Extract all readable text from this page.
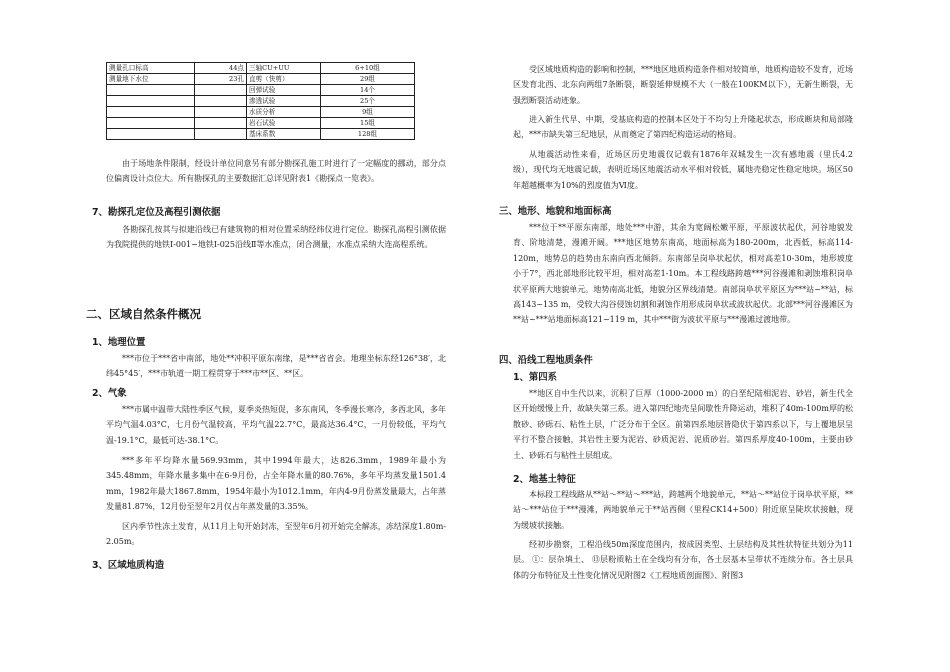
测量孔口标高	44点	三轴CU+UU	6+10组
测量地下水位	23孔	直剪（快剪）	29组
		回弹试验	14个
		渗透试验	25个
		水质分析	9组
		岩石试验	15组
		基床系数	128组

由于场地条件限制，经设计单位同意另有部分勘探孔施工时进行了一定幅度的挪动，部分点位偏离设计点位大。所有勘探孔的主要数据汇总详见附表1《勘探点一览表》。

7、勘探孔定位及高程引测依据

各勘探孔按其与拟建沿线已有建筑物的相对位置采纳经纬仪进行定位。勘探孔高程引测依据为我院提供的地铁Ⅰ-001~地铁Ⅰ-025沿线Ⅱ等水准点，闭合测量，水准点采纳大连高程系统。

二、区域自然条件概况
1、地理位置

***市位于***省中南部，地处**冲积平原东南缘，是***省省会。地理坐标东经126°38′，北纬45°45′，***市轨道一期工程贯穿于***市**区、**区。

2、气象

***市属中温带大陆性季区气候，夏季炎热短促，多东南风，冬季漫长寒冷，多西北风，多年平均气温4.03°C，七月份气温较高，平均气温22.7°C，最高达36.4°C，一月份较低，平均气温-19.1°C，最低可达-38.1°C。

***多年平均降水量569.93mm，其中1994年最大，达826.3mm，1989年最小为345.48mm，年降水量多集中在6-9月份，占全年降水量的80.76%，多年平均蒸发量1501.4 mm，1982年最大1867.8mm，1954年最小为1012.1mm，年内4-9月份蒸发量最大，占年蒸发量81.87%，12月份至翌年2月仅占年蒸发量的3.35%。

区内季节性冻土发育，从11月上旬开始封冻，至翌年6月初开始完全解冻，冻结深度1.80m-2.05m。

3、区域地质构造

受区域地质构造的影响和控制，***地区地质构造条件相对较简单，地质构造较不发育，近场区发育北西、北东向两组7条断裂，断裂延伸规模不大（一般在100KM以下），无新生断裂，无强烈断裂活动迹象。

进入新生代早、中期，受基底构造的控制本区处于不均匀上升隆起状态，形成断块和局部隆起，***市缺失第三纪地层，从而奠定了第四纪构造运动的格局。

从地震活动性来看，近场区历史地震仅记载有1876年双城发生一次有感地震（里氏4.2级），现代均无地震记载，表明近场区地震活动水平相对较低，属地壳稳定性稳定地块。场区50年超越概率为10%的烈度值为Ⅵ度。

三、地形、地貌和地面标高

***位于**平原东南部，地处***中游，其余为宽阔松嫩平原，平原波状起伏，河谷地貌发育、阶地清楚，漫滩开阔。***地区地势东南高，地面标高为180-200m，北西低，标高114-120m，地势总的趋势由东南向西北倾斜。东南部呈岗阜状起伏，相对高差10-30m，地形坡度小于7°，西北部地形比较平坦，相对高差1-10m。本工程线路跨越***河谷漫滩和剥蚀堆积岗阜状平原两大地貌单元。地势南高北低，地貌分区界线清楚。南部岗阜状平原区为***站~**站，标高143~135 m，受较大沟谷侵蚀切割和剥蚀作用形成岗阜状或波状起伏。北部***河谷漫滩区为**站~***站地面标高121~119 m，其中***街为波状平原与***漫滩过渡地带。

四、沿线工程地质条件
1、第四系

**地区自中生代以来，沉积了巨厚（1000-2000 m）的白垩纪陆相泥岩、砂岩，新生代全区开始缓慢上升，故缺失第三系。进入第四纪地壳呈间歇性升降运动，堆积了40m-100m厚的松散砂、砂砾石、粘性土层，广泛分布于全区。前第四系地层皆隐伏于第四系以下，与上覆地层呈平行不整合接触，其岩性主要为泥岩、砂质泥岩、泥质砂岩。第四系厚度40-100m，主要由砂土、砂砾石与粘性土层组成。

2、地基土特征

本标段工程线路从**站～**站～***站，跨越两个地貌单元，**站～**站位于岗阜状平原，**站～***站位于***漫滩，两地貌单元于**站西侧（里程CK14+500）附近原呈陡坎状接触，现为缓坡状接触。

经初步勘察，工程沿线50m深度范围内，按成因类型、土层结构及其性状特征共划分为11层。 ①：层杂填土、 ⑬层粉质粘土在全线均有分布，各土层基本呈带状不连续分布。各土层具体的分布特征及土性变化情况见附图2《工程地质剖面图》、附图3
